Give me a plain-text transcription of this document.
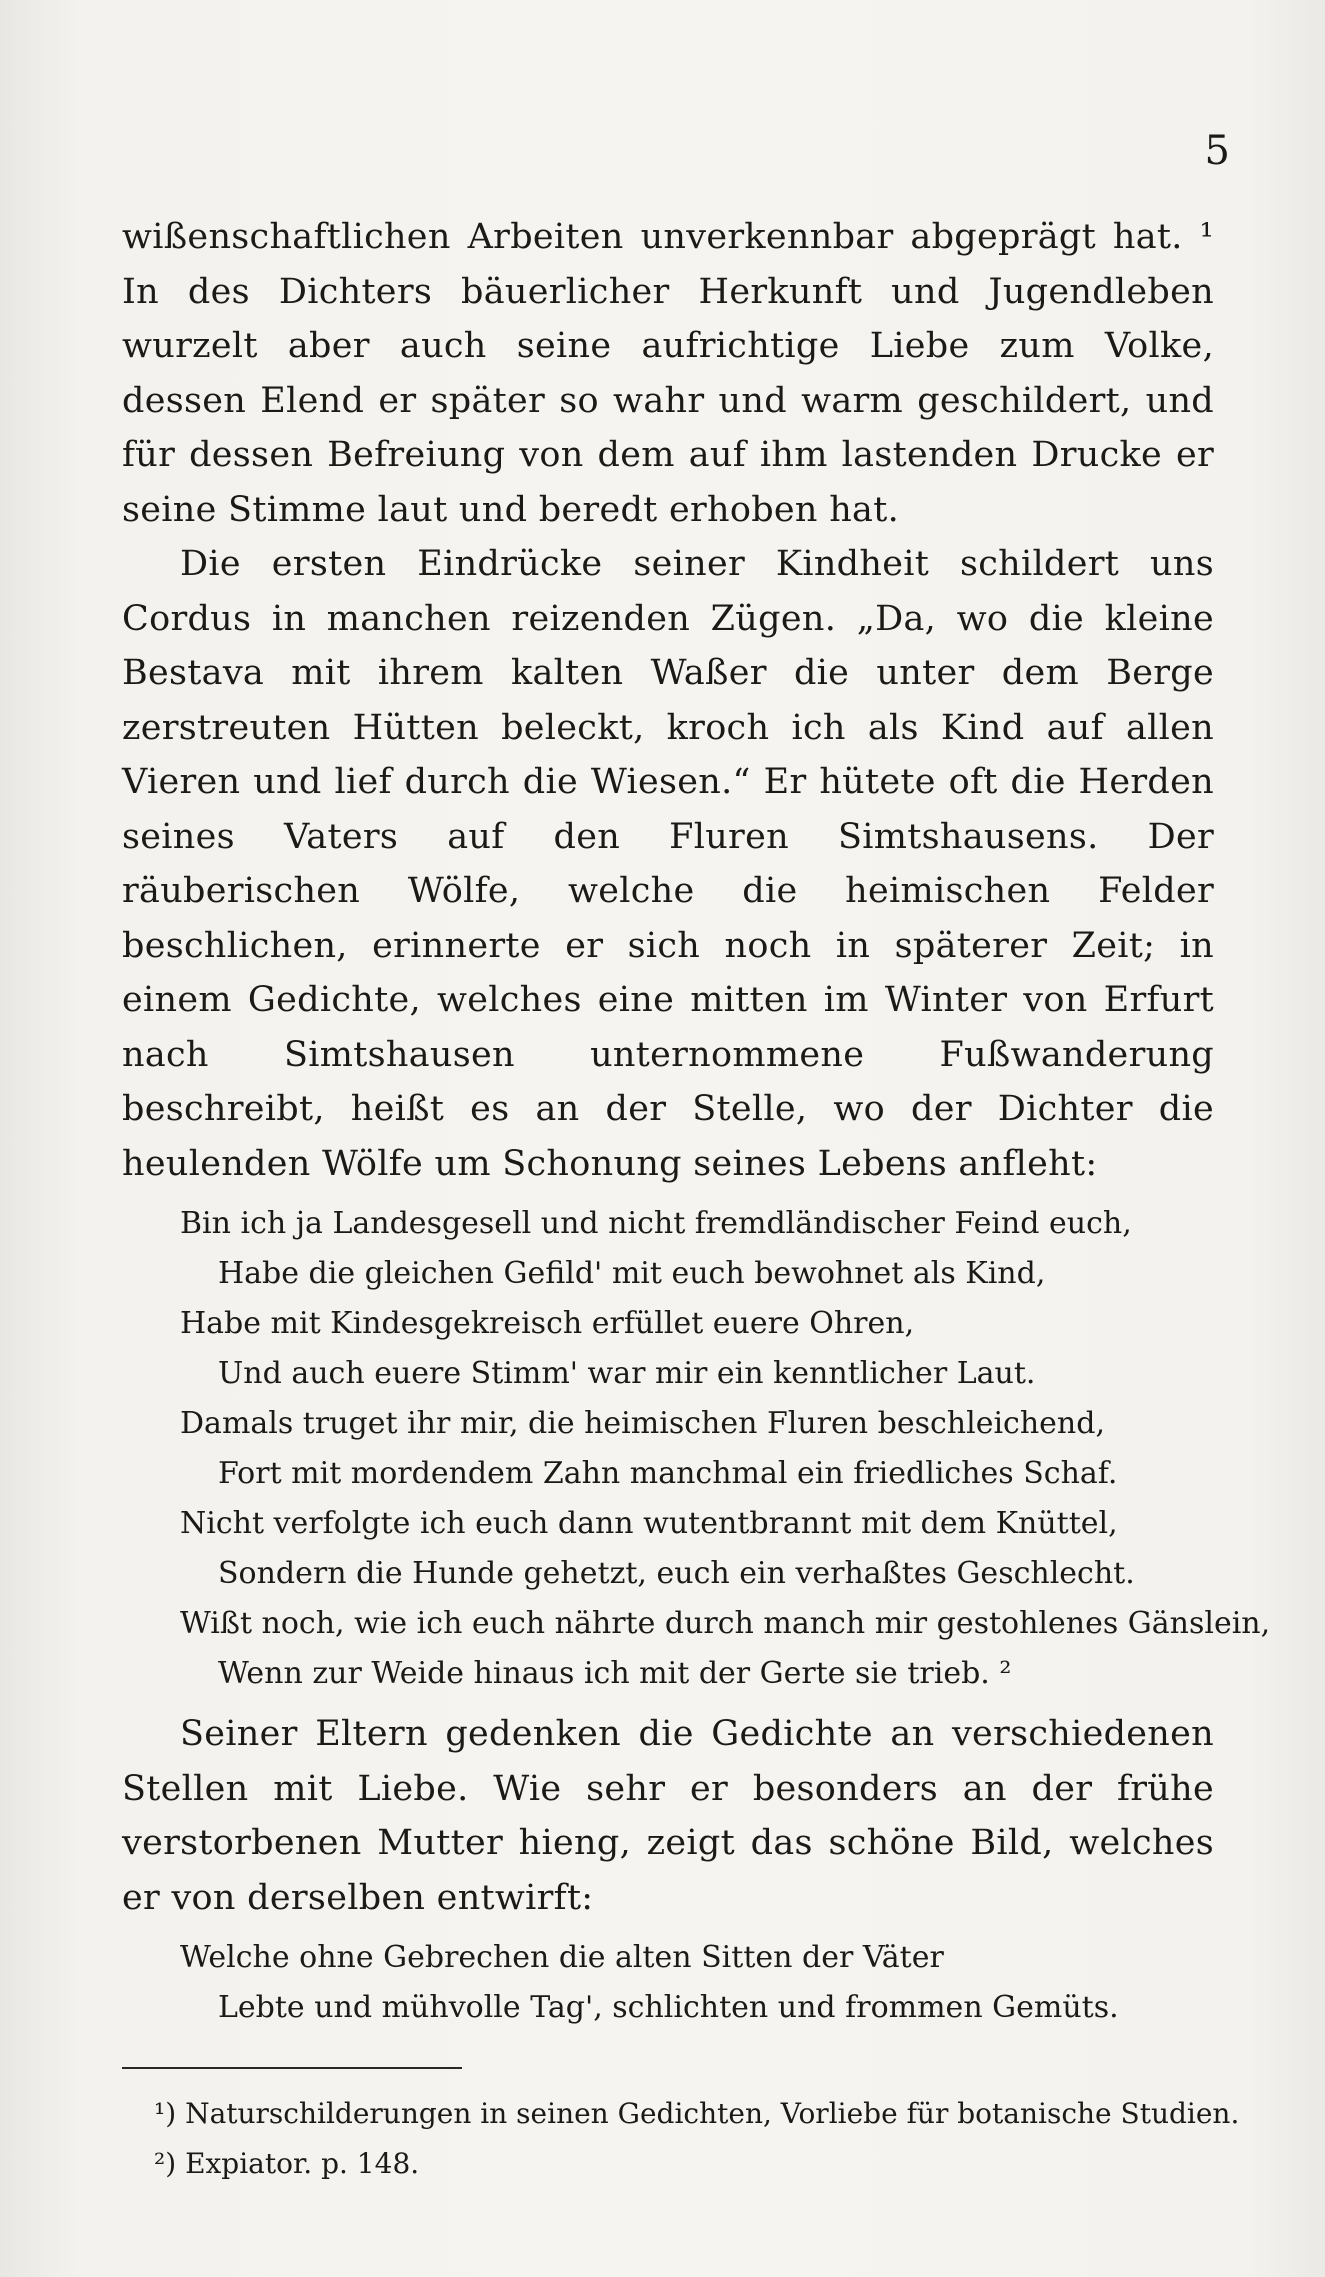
5

wißenschaftlichen Arbeiten unverkennbar abgeprägt hat. ¹ In des Dichters bäuerlicher Herkunft und Jugendleben wurzelt aber auch seine aufrichtige Liebe zum Volke, dessen Elend er später so wahr und warm geschildert, und für dessen Befreiung von dem auf ihm lastenden Drucke er seine Stimme laut und beredt erhoben hat.

Die ersten Eindrücke seiner Kindheit schildert uns Cordus in manchen reizenden Zügen. „Da, wo die kleine Bestava mit ihrem kalten Waßer die unter dem Berge zerstreuten Hütten beleckt, kroch ich als Kind auf allen Vieren und lief durch die Wiesen.“ Er hütete oft die Herden seines Vaters auf den Fluren Simtshausens. Der räuberischen Wölfe, welche die heimischen Felder beschlichen, erinnerte er sich noch in späterer Zeit; in einem Gedichte, welches eine mitten im Winter von Erfurt nach Simtshausen unternommene Fußwanderung beschreibt, heißt es an der Stelle, wo der Dichter die heulenden Wölfe um Schonung seines Lebens anfleht:

Bin ich ja Landesgesell und nicht fremdländischer Feind euch,
Habe die gleichen Gefild' mit euch bewohnet als Kind,
Habe mit Kindesgekreisch erfüllet euere Ohren,
Und auch euere Stimm' war mir ein kenntlicher Laut.
Damals truget ihr mir, die heimischen Fluren beschleichend,
Fort mit mordendem Zahn manchmal ein friedliches Schaf.
Nicht verfolgte ich euch dann wutentbrannt mit dem Knüttel,
Sondern die Hunde gehetzt, euch ein verhaßtes Geschlecht.
Wißt noch, wie ich euch nährte durch manch mir gestohlenes Gänslein,
Wenn zur Weide hinaus ich mit der Gerte sie trieb. ²

Seiner Eltern gedenken die Gedichte an verschiedenen Stellen mit Liebe. Wie sehr er besonders an der frühe verstorbenen Mutter hieng, zeigt das schöne Bild, welches er von derselben entwirft:

Welche ohne Gebrechen die alten Sitten der Väter
Lebte und mühvolle Tag', schlichten und frommen Gemüts.
¹) Naturschilderungen in seinen Gedichten, Vorliebe für botanische Studien.
²) Expiator. p. 148.
